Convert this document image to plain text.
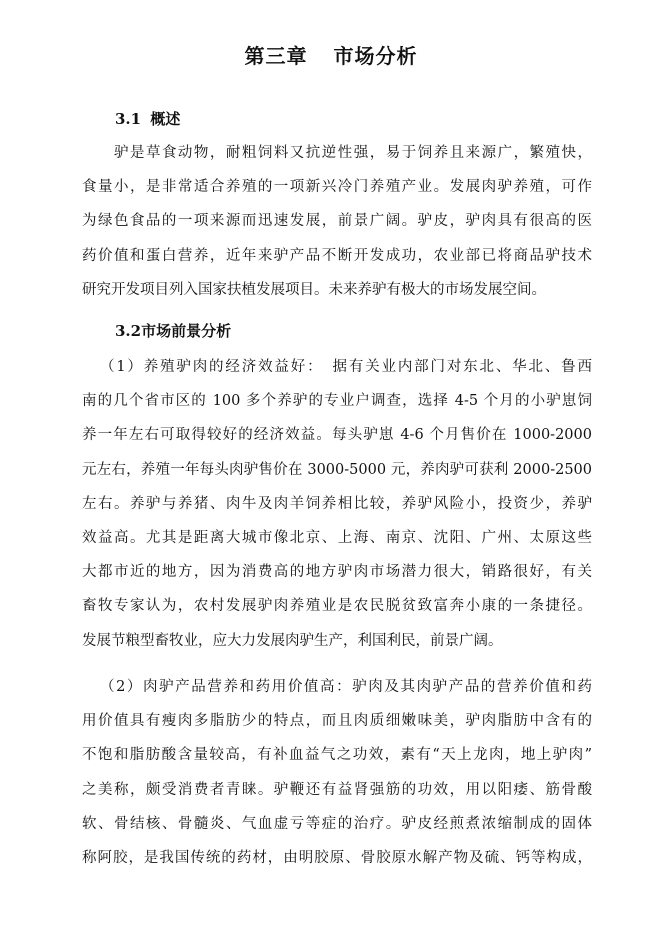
第三章 市场分析
3.1 概述
驴是草食动物，耐粗饲料又抗逆性强，易于饲养且来源广，繁殖快，
食量小，是非常适合养殖的一项新兴冷门养殖产业。发展肉驴养殖，可作
为绿色食品的一项来源而迅速发展，前景广阔。驴皮，驴肉具有很高的医
药价值和蛋白营养，近年来驴产品不断开发成功，农业部已将商品驴技术
研究开发项目列入国家扶植发展项目。未来养驴有极大的市场发展空间。
3.2市场前景分析
（1）养殖驴肉的经济效益好：　据有关业内部门对东北、华北、鲁西
南的几个省市区的 100 多个养驴的专业户调查，选择 4-5 个月的小驴崽饲
养一年左右可取得较好的经济效益。每头驴崽 4-6 个月售价在 1000-2000
元左右，养殖一年每头肉驴售价在 3000-5000 元，养肉驴可获利 2000-2500
左右。养驴与养猪、肉牛及肉羊饲养相比较，养驴风险小，投资少，养驴
效益高。尤其是距离大城市像北京、上海、南京、沈阳、广州、太原这些
大都市近的地方，因为消费高的地方驴肉市场潜力很大，销路很好，有关
畜牧专家认为，农村发展驴肉养殖业是农民脱贫致富奔小康的一条捷径。
发展节粮型畜牧业，应大力发展肉驴生产，利国利民，前景广阔。
（2）肉驴产品营养和药用价值高：驴肉及其肉驴产品的营养价值和药
用价值具有瘦肉多脂肪少的特点，而且肉质细嫩味美，驴肉脂肪中含有的
不饱和脂肪酸含量较高，有补血益气之功效，素有“天上龙肉，地上驴肉”
之美称，颇受消费者青睐。驴鞭还有益肾强筋的功效，用以阳痿、筋骨酸
软、骨结核、骨髓炎、气血虚亏等症的治疗。驴皮经煎煮浓缩制成的固体
称阿胶，是我国传统的药材，由明胶原、骨胶原水解产物及硫、钙等构成，
